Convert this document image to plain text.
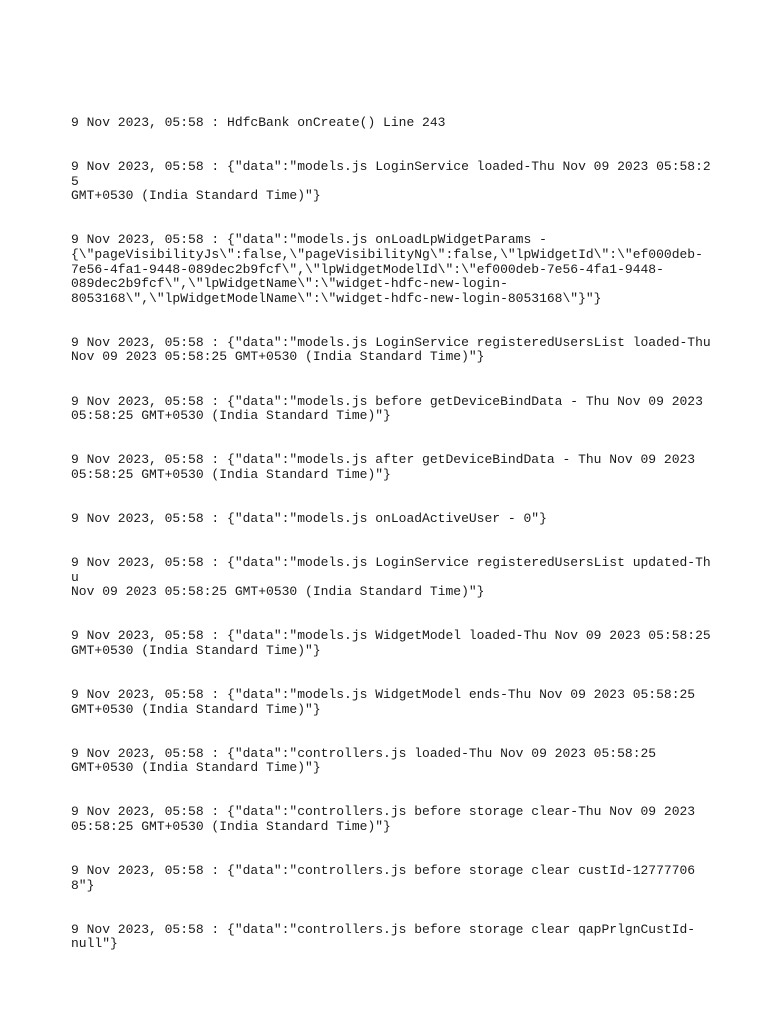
9 Nov 2023, 05:58 : HdfcBank onCreate() Line 243

9 Nov 2023, 05:58 : {"data":"models.js LoginService loaded-Thu Nov 09 2023 05:58:25
GMT+0530 (India Standard Time)"}

9 Nov 2023, 05:58 : {"data":"models.js onLoadLpWidgetParams -
{\"pageVisibilityJs\":false,\"pageVisibilityNg\":false,\"lpWidgetId\":\"ef000deb-
7e56-4fa1-9448-089dec2b9fcf\",\"lpWidgetModelId\":\"ef000deb-7e56-4fa1-9448-
089dec2b9fcf\",\"lpWidgetName\":\"widget-hdfc-new-login-
8053168\",\"lpWidgetModelName\":\"widget-hdfc-new-login-8053168\"}"}

9 Nov 2023, 05:58 : {"data":"models.js LoginService registeredUsersList loaded-Thu
Nov 09 2023 05:58:25 GMT+0530 (India Standard Time)"}

9 Nov 2023, 05:58 : {"data":"models.js before getDeviceBindData - Thu Nov 09 2023
05:58:25 GMT+0530 (India Standard Time)"}

9 Nov 2023, 05:58 : {"data":"models.js after getDeviceBindData - Thu Nov 09 2023
05:58:25 GMT+0530 (India Standard Time)"}

9 Nov 2023, 05:58 : {"data":"models.js onLoadActiveUser - 0"}

9 Nov 2023, 05:58 : {"data":"models.js LoginService registeredUsersList updated-Thu
Nov 09 2023 05:58:25 GMT+0530 (India Standard Time)"}

9 Nov 2023, 05:58 : {"data":"models.js WidgetModel loaded-Thu Nov 09 2023 05:58:25
GMT+0530 (India Standard Time)"}

9 Nov 2023, 05:58 : {"data":"models.js WidgetModel ends-Thu Nov 09 2023 05:58:25
GMT+0530 (India Standard Time)"}

9 Nov 2023, 05:58 : {"data":"controllers.js loaded-Thu Nov 09 2023 05:58:25
GMT+0530 (India Standard Time)"}

9 Nov 2023, 05:58 : {"data":"controllers.js before storage clear-Thu Nov 09 2023
05:58:25 GMT+0530 (India Standard Time)"}

9 Nov 2023, 05:58 : {"data":"controllers.js before storage clear custId-127777068"}

9 Nov 2023, 05:58 : {"data":"controllers.js before storage clear qapPrlgnCustId-
null"}
